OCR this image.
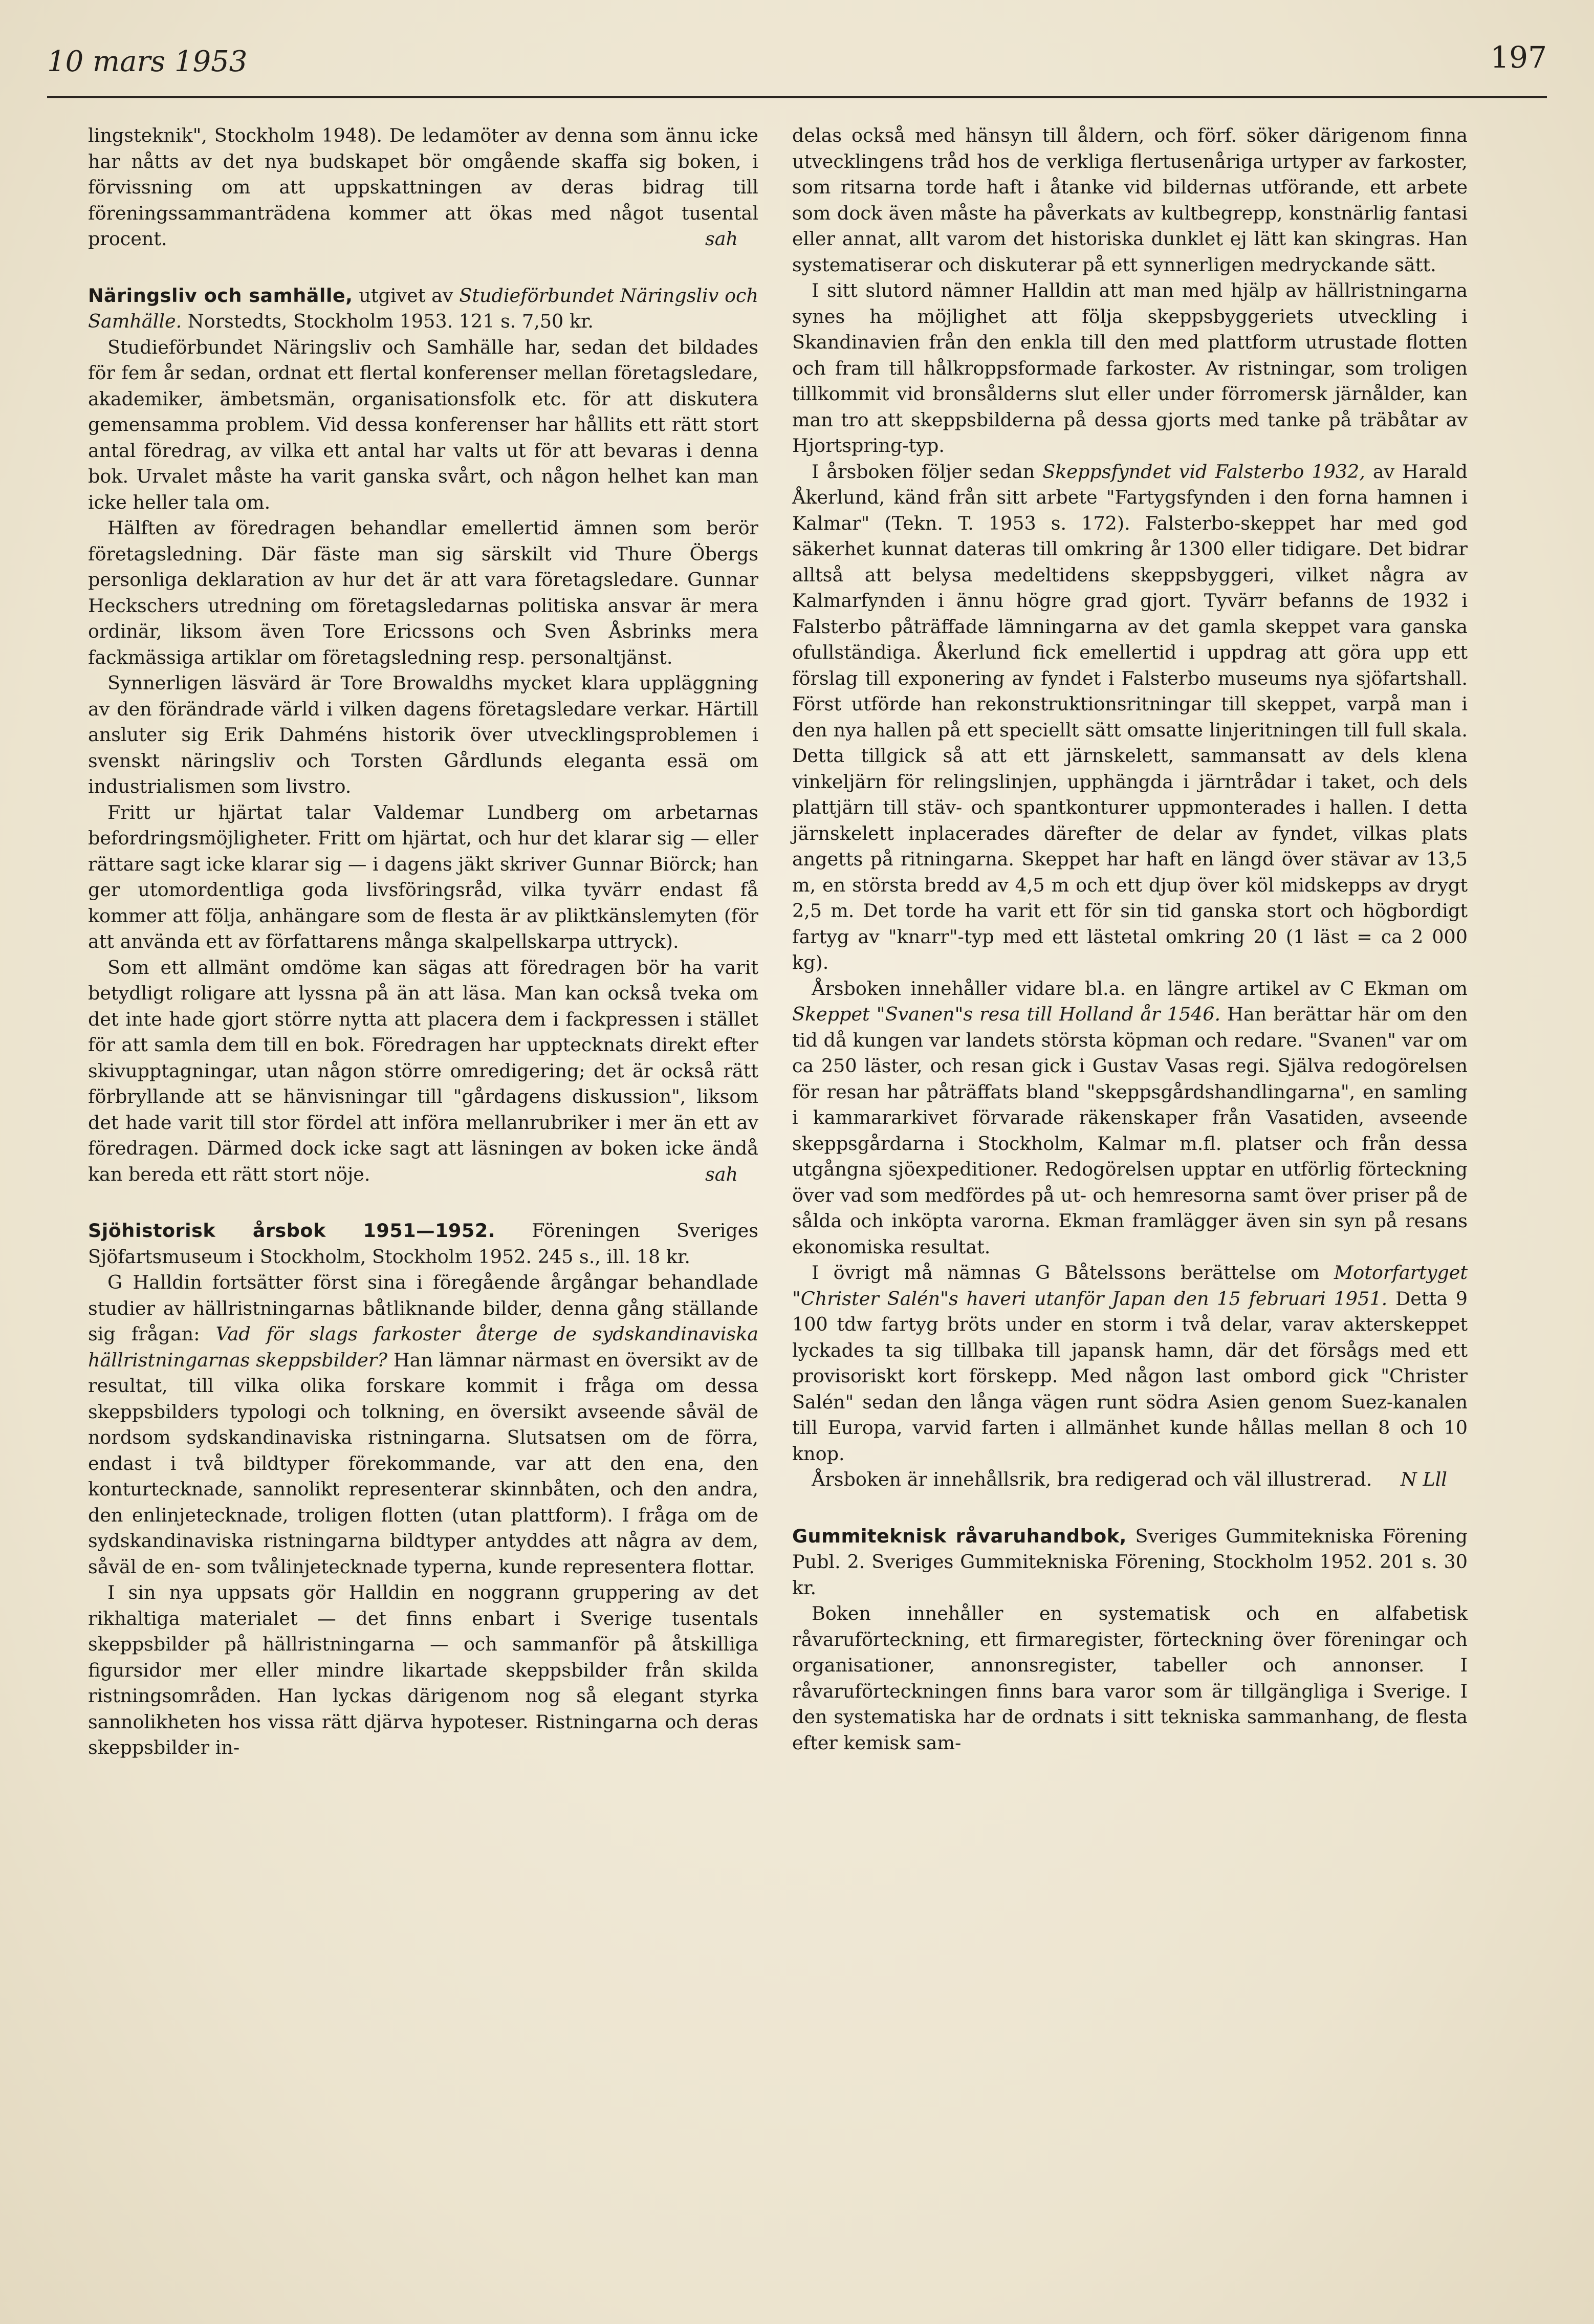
10 mars 1953	197

lingsteknik", Stockholm 1948). De ledamöter av denna som ännu icke har nåtts av det nya budskapet bör omgående skaffa sig boken, i förvissning om att uppskattningen av deras bidrag till föreningssammanträdena kommer att ökas med något tusental procent.	sah

Näringsliv och samhälle, utgivet av Studieförbundet Näringsliv och Samhälle. Norstedts, Stockholm 1953. 121 s. 7,50 kr.

Studieförbundet Näringsliv och Samhälle har, sedan det bildades för fem år sedan, ordnat ett flertal konferenser mellan företagsledare, akademiker, ämbetsmän, organisationsfolk etc. för att diskutera gemensamma problem. Vid dessa konferenser har hållits ett rätt stort antal föredrag, av vilka ett antal har valts ut för att bevaras i denna bok. Urvalet måste ha varit ganska svårt, och någon helhet kan man icke heller tala om.

Hälften av föredragen behandlar emellertid ämnen som berör företagsledning. Där fäste man sig särskilt vid Thure Öbergs personliga deklaration av hur det är att vara företagsledare. Gunnar Heckschers utredning om företagsledarnas politiska ansvar är mera ordinär, liksom även Tore Ericssons och Sven Åsbrinks mera fackmässiga artiklar om företagsledning resp. personaltjänst.

Synnerligen läsvärd är Tore Browaldhs mycket klara uppläggning av den förändrade värld i vilken dagens företagsledare verkar. Härtill ansluter sig Erik Dahméns historik över utvecklingsproblemen i svenskt näringsliv och Torsten Gårdlunds eleganta essä om industrialismen som livstro.

Fritt ur hjärtat talar Valdemar Lundberg om arbetarnas befordringsmöjligheter. Fritt om hjärtat, och hur det klarar sig — eller rättare sagt icke klarar sig — i dagens jäkt skriver Gunnar Biörck; han ger utomordentliga goda livsföringsråd, vilka tyvärr endast få kommer att följa, anhängare som de flesta är av pliktkänslemyten (för att använda ett av författarens många skalpellskarpa uttryck).

Som ett allmänt omdöme kan sägas att föredragen bör ha varit betydligt roligare att lyssna på än att läsa. Man kan också tveka om det inte hade gjort större nytta att placera dem i fackpressen i stället för att samla dem till en bok. Föredragen har upptecknats direkt efter skivupptagningar, utan någon större omredigering; det är också rätt förbryllande att se hänvisningar till "gårdagens diskussion", liksom det hade varit till stor fördel att införa mellanrubriker i mer än ett av föredragen. Därmed dock icke sagt att läsningen av boken icke ändå kan bereda ett rätt stort nöje.	sah

Sjöhistorisk årsbok 1951—1952. Föreningen Sveriges Sjöfartsmuseum i Stockholm, Stockholm 1952. 245 s., ill. 18 kr.

G Halldin fortsätter först sina i föregående årgångar behandlade studier av hällristningarnas båtliknande bilder, denna gång ställande sig frågan: Vad för slags farkoster återge de sydskandinaviska hällristningarnas skeppsbilder? Han lämnar närmast en översikt av de resultat, till vilka olika forskare kommit i fråga om dessa skeppsbilders typologi och tolkning, en översikt avseende såväl de nordsom sydskandinaviska ristningarna. Slutsatsen om de förra, endast i två bildtyper förekommande, var att den ena, den konturtecknade, sannolikt representerar skinnbåten, och den andra, den enlinjetecknade, troligen flotten (utan plattform). I fråga om de sydskandinaviska ristningarna bildtyper antyddes att några av dem, såväl de en- som tvålinjetecknade typerna, kunde representera flottar.

I sin nya uppsats gör Halldin en noggrann gruppering av det rikhaltiga materialet — det finns enbart i Sverige tusentals skeppsbilder på hällristningarna — och sammanför på åtskilliga figursidor mer eller mindre likartade skeppsbilder från skilda ristningsområden. Han lyckas därigenom nog så elegant styrka sannolikheten hos vissa rätt djärva hypoteser. Ristningarna och deras skeppsbilder in-

delas också med hänsyn till åldern, och förf. söker därigenom finna utvecklingens tråd hos de verkliga flertusenåriga urtyper av farkoster, som ritsarna torde haft i åtanke vid bildernas utförande, ett arbete som dock även måste ha påverkats av kultbegrepp, konstnärlig fantasi eller annat, allt varom det historiska dunklet ej lätt kan skingras. Han systematiserar och diskuterar på ett synnerligen medryckande sätt.

I sitt slutord nämner Halldin att man med hjälp av hällristningarna synes ha möjlighet att följa skeppsbyggeriets utveckling i Skandinavien från den enkla till den med plattform utrustade flotten och fram till hålkroppsformade farkoster. Av ristningar, som troligen tillkommit vid bronsålderns slut eller under förromersk järnålder, kan man tro att skeppsbilderna på dessa gjorts med tanke på träbåtar av Hjortspring-typ.

I årsboken följer sedan Skeppsfyndet vid Falsterbo 1932, av Harald Åkerlund, känd från sitt arbete "Fartygsfynden i den forna hamnen i Kalmar" (Tekn. T. 1953 s. 172). Falsterbo-skeppet har med god säkerhet kunnat dateras till omkring år 1300 eller tidigare. Det bidrar alltså att belysa medeltidens skeppsbyggeri, vilket några av Kalmarfynden i ännu högre grad gjort. Tyvärr befanns de 1932 i Falsterbo påträffade lämningarna av det gamla skeppet vara ganska ofullständiga. Åkerlund fick emellertid i uppdrag att göra upp ett förslag till exponering av fyndet i Falsterbo museums nya sjöfartshall. Först utförde han rekonstruktionsritningar till skeppet, varpå man i den nya hallen på ett speciellt sätt omsatte linjeritningen till full skala. Detta tillgick så att ett järnskelett, sammansatt av dels klena vinkeljärn för relingslinjen, upphängda i järntrådar i taket, och dels plattjärn till stäv- och spantkonturer uppmonterades i hallen. I detta järnskelett inplacerades därefter de delar av fyndet, vilkas plats angetts på ritningarna. Skeppet har haft en längd över stävar av 13,5 m, en största bredd av 4,5 m och ett djup över köl midskepps av drygt 2,5 m. Det torde ha varit ett för sin tid ganska stort och högbordigt fartyg av "knarr"-typ med ett lästetal omkring 20 (1 läst = ca 2 000 kg).

Årsboken innehåller vidare bl.a. en längre artikel av C Ekman om Skeppet "Svanen"s resa till Holland år 1546. Han berättar här om den tid då kungen var landets största köpman och redare. "Svanen" var om ca 250 läster, och resan gick i Gustav Vasas regi. Själva redogörelsen för resan har påträffats bland "skeppsgårdshandlingarna", en samling i kammararkivet förvarade räkenskaper från Vasatiden, avseende skeppsgårdarna i Stockholm, Kalmar m.fl. platser och från dessa utgångna sjöexpeditioner. Redogörelsen upptar en utförlig förteckning över vad som medfördes på ut- och hemresorna samt över priser på de sålda och inköpta varorna. Ekman framlägger även sin syn på resans ekonomiska resultat.

I övrigt må nämnas G Båtelssons berättelse om Motorfartyget "Christer Salén"s haveri utanför Japan den 15 februari 1951. Detta 9 100 tdw fartyg bröts under en storm i två delar, varav akterskeppet lyckades ta sig tillbaka till japansk hamn, där det försågs med ett provisoriskt kort förskepp. Med någon last ombord gick "Christer Salén" sedan den långa vägen runt södra Asien genom Suez-kanalen till Europa, varvid farten i allmänhet kunde hållas mellan 8 och 10 knop.

Årsboken är innehållsrik, bra redigerad och väl illustrerad.	N Lll

Gummiteknisk råvaruhandbok, Sveriges Gummitekniska Förening Publ. 2. Sveriges Gummitekniska Förening, Stockholm 1952. 201 s. 30 kr.

Boken innehåller en systematisk och en alfabetisk råvaruförteckning, ett firmaregister, förteckning över föreningar och organisationer, annonsregister, tabeller och annonser. I råvaruförteckningen finns bara varor som är tillgängliga i Sverige. I den systematiska har de ordnats i sitt tekniska sammanhang, de flesta efter kemisk sam-
